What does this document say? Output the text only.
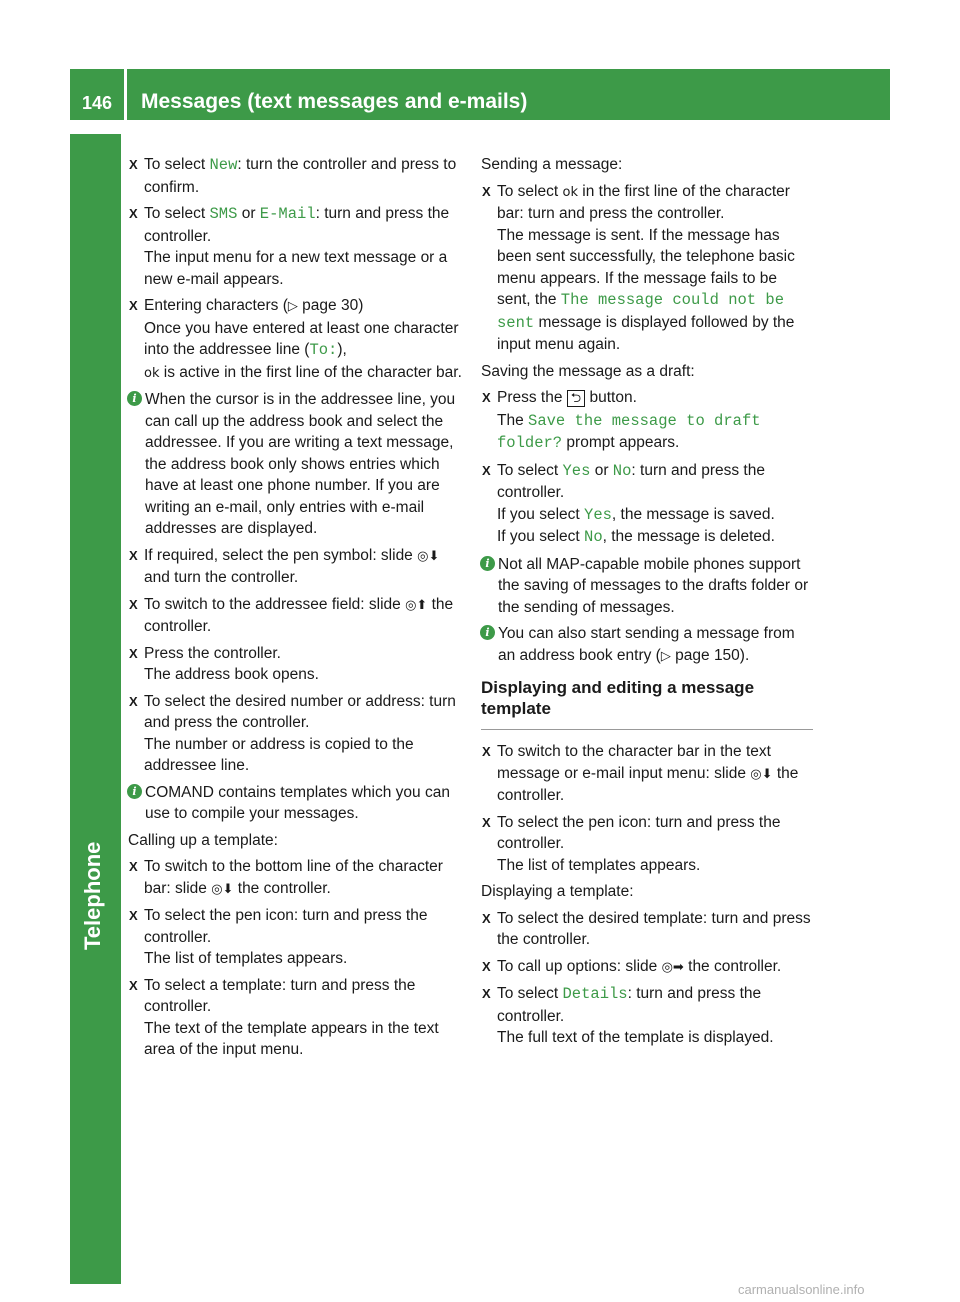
146 Messages (text messages and e-mails)
Telephone
X To select New: turn the controller and press to confirm.
X To select SMS or E-Mail: turn and press the controller.
The input menu for a new text message or a new e-mail appears.
X Entering characters (▷ page 30)
Once you have entered at least one character into the addressee line (To:),
ok is active in the first line of the character bar.
i When the cursor is in the addressee line, you can call up the address book and select the addressee. If you are writing a text message, the address book only shows entries which have at least one phone number. If you are writing an e-mail, only entries with e-mail addresses are displayed.
X If required, select the pen symbol: slide ◎⬇ and turn the controller.
X To switch to the addressee field: slide ◎⬆ the controller.
X Press the controller.
The address book opens.
X To select the desired number or address: turn and press the controller.
The number or address is copied to the addressee line.
i COMAND contains templates which you can use to compile your messages.

Calling up a template:

X To switch to the bottom line of the character bar: slide ◎⬇ the controller.
X To select the pen icon: turn and press the controller.
The list of templates appears.
X To select a template: turn and press the controller.
The text of the template appears in the text area of the input menu.

Sending a message:

X To select ok in the first line of the character bar: turn and press the controller.
The message is sent. If the message has been sent successfully, the telephone basic menu appears. If the message fails to be sent, the The message could not be sent message is displayed followed by the input menu again.

Saving the message as a draft:

X Press the ⮌ button.
The Save the message to draft folder? prompt appears.
X To select Yes or No: turn and press the controller.
If you select Yes, the message is saved.
If you select No, the message is deleted.
i Not all MAP-capable mobile phones support the saving of messages to the drafts folder or the sending of messages.
i You can also start sending a message from an address book entry (▷ page 150).
Displaying and editing a message template
X To switch to the character bar in the text message or e-mail input menu: slide ◎⬇ the controller.
X To select the pen icon: turn and press the controller.
The list of templates appears.

Displaying a template:

X To select the desired template: turn and press the controller.
X To call up options: slide ◎➡ the controller.
X To select Details: turn and press the controller.
The full text of the template is displayed.
carmanualsonline.info
